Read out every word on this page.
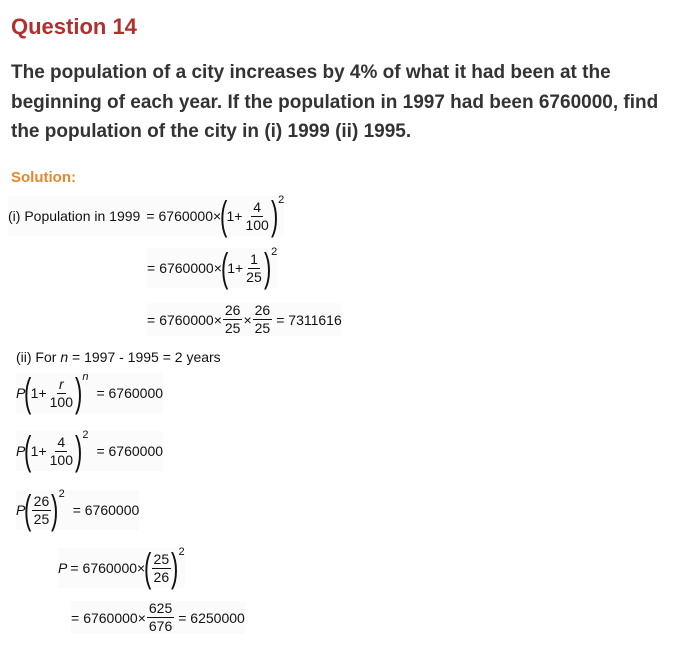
Question 14
The population of a city increases by 4% of what it had been at the beginning of each year. If the population in 1997 had been 6760000, find the population of the city in (i) 1999 (ii) 1995.
Solution:
(i) Population in 1999 = 6760000×
(
$1+ \frac{4}{100}$ ) 2
= 6760000×
(
$1+ \frac{1}{25}$ ) 2
= $6760000\times \frac{26}{25} \times \frac{26}{25} = 7311616$
(ii) For n = 1997 - 1995 = 2 years
P
(
$1+ \frac{r}{100}$ ) n
= 6760000
P
(
$1+ \frac{4}{100}$ ) 2
= 6760000
P
( $\frac{26}{25}$ ) 2
= 6760000
P = 6760000×
( $\frac{25}{26}$ ) 2
= $6760000\times \frac{625}{676} = 6250000$
